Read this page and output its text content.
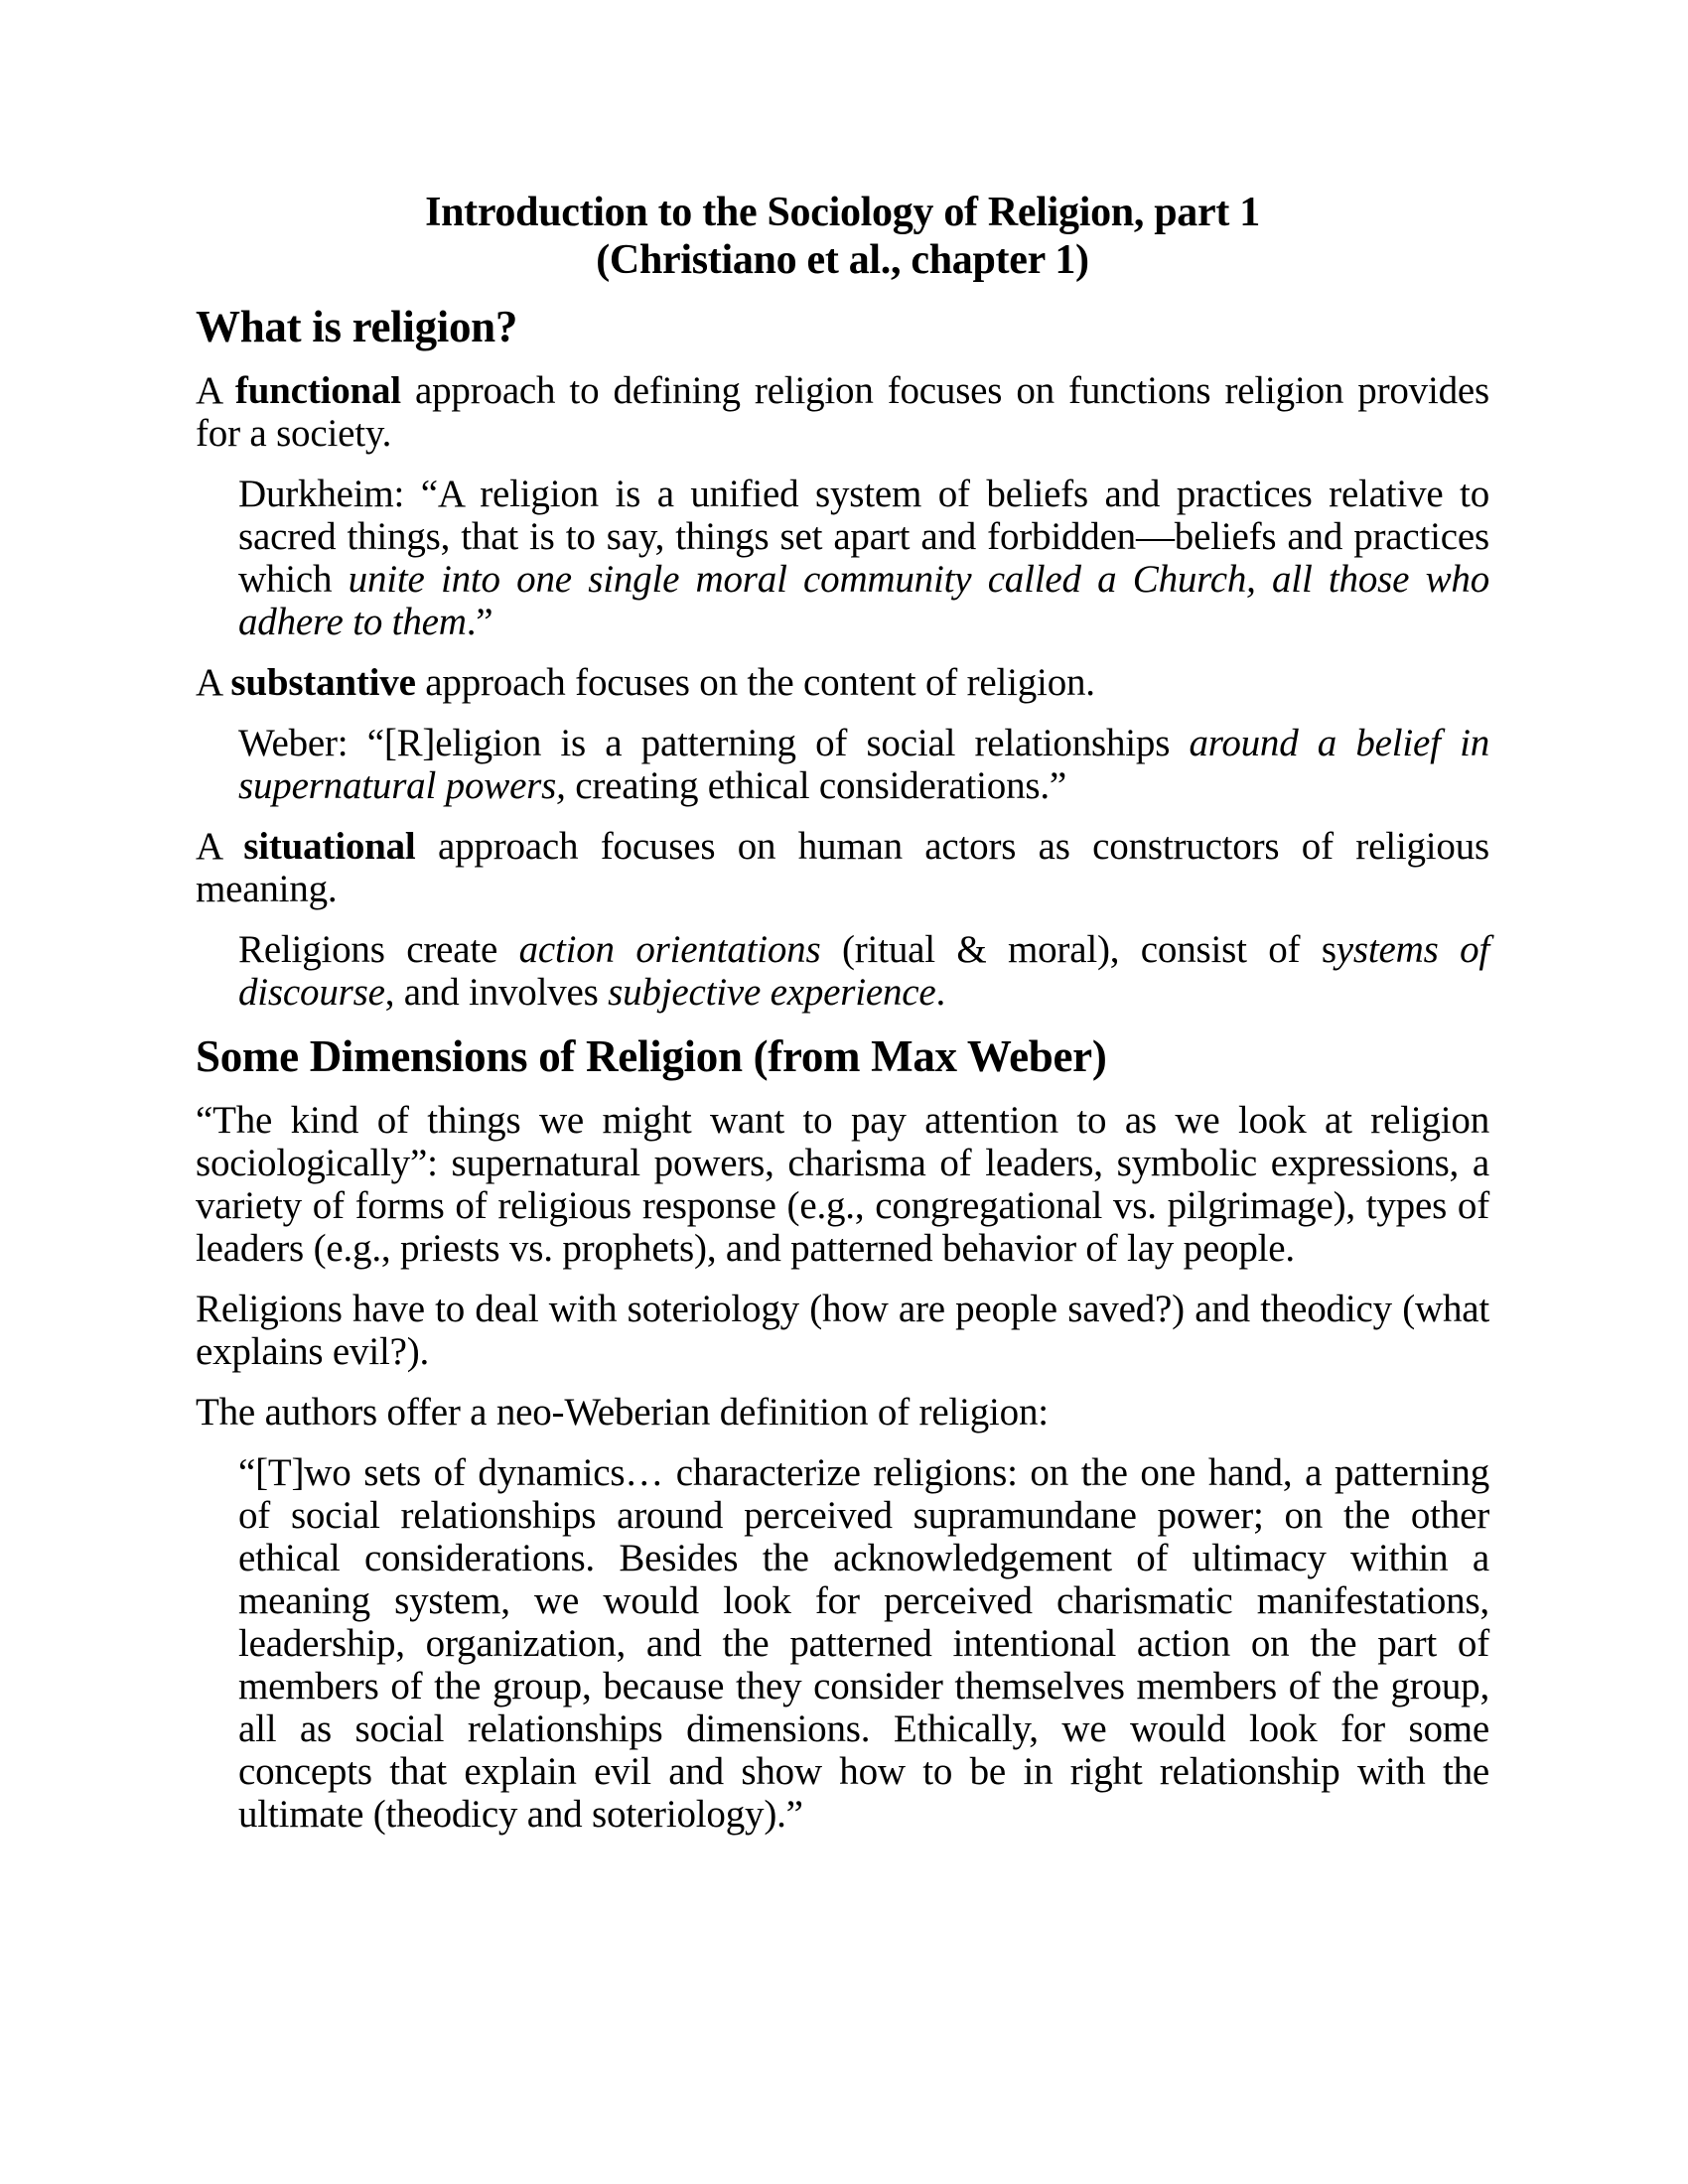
Introduction to the Sociology of Religion, part 1
(Christiano et al., chapter 1)
What is religion?
A functional approach to defining religion focuses on functions religion provides for a society.
Durkheim: “A religion is a unified system of beliefs and practices relative to sacred things, that is to say, things set apart and forbidden—beliefs and practices which unite into one single moral community called a Church, all those who adhere to them.”
A substantive approach focuses on the content of religion.
Weber: “[R]eligion is a patterning of social relationships around a belief in supernatural powers, creating ethical considerations.”
A situational approach focuses on human actors as constructors of religious meaning.
Religions create action orientations (ritual & moral), consist of systems of discourse, and involves subjective experience.
Some Dimensions of Religion (from Max Weber)
“The kind of things we might want to pay attention to as we look at religion sociologically”: supernatural powers, charisma of leaders, symbolic expressions, a variety of forms of religious response (e.g., congregational vs. pilgrimage), types of leaders (e.g., priests vs. prophets), and patterned behavior of lay people.
Religions have to deal with soteriology (how are people saved?) and theodicy (what explains evil?).
The authors offer a neo-Weberian definition of religion:
“[T]wo sets of dynamics… characterize religions: on the one hand, a patterning of social relationships around perceived supramundane power; on the other ethical considerations. Besides the acknowledgement of ultimacy within a meaning system, we would look for perceived charismatic manifestations, leadership, organization, and the patterned intentional action on the part of members of the group, because they consider themselves members of the group, all as social relationships dimensions. Ethically, we would look for some concepts that explain evil and show how to be in right relationship with the ultimate (theodicy and soteriology).”
